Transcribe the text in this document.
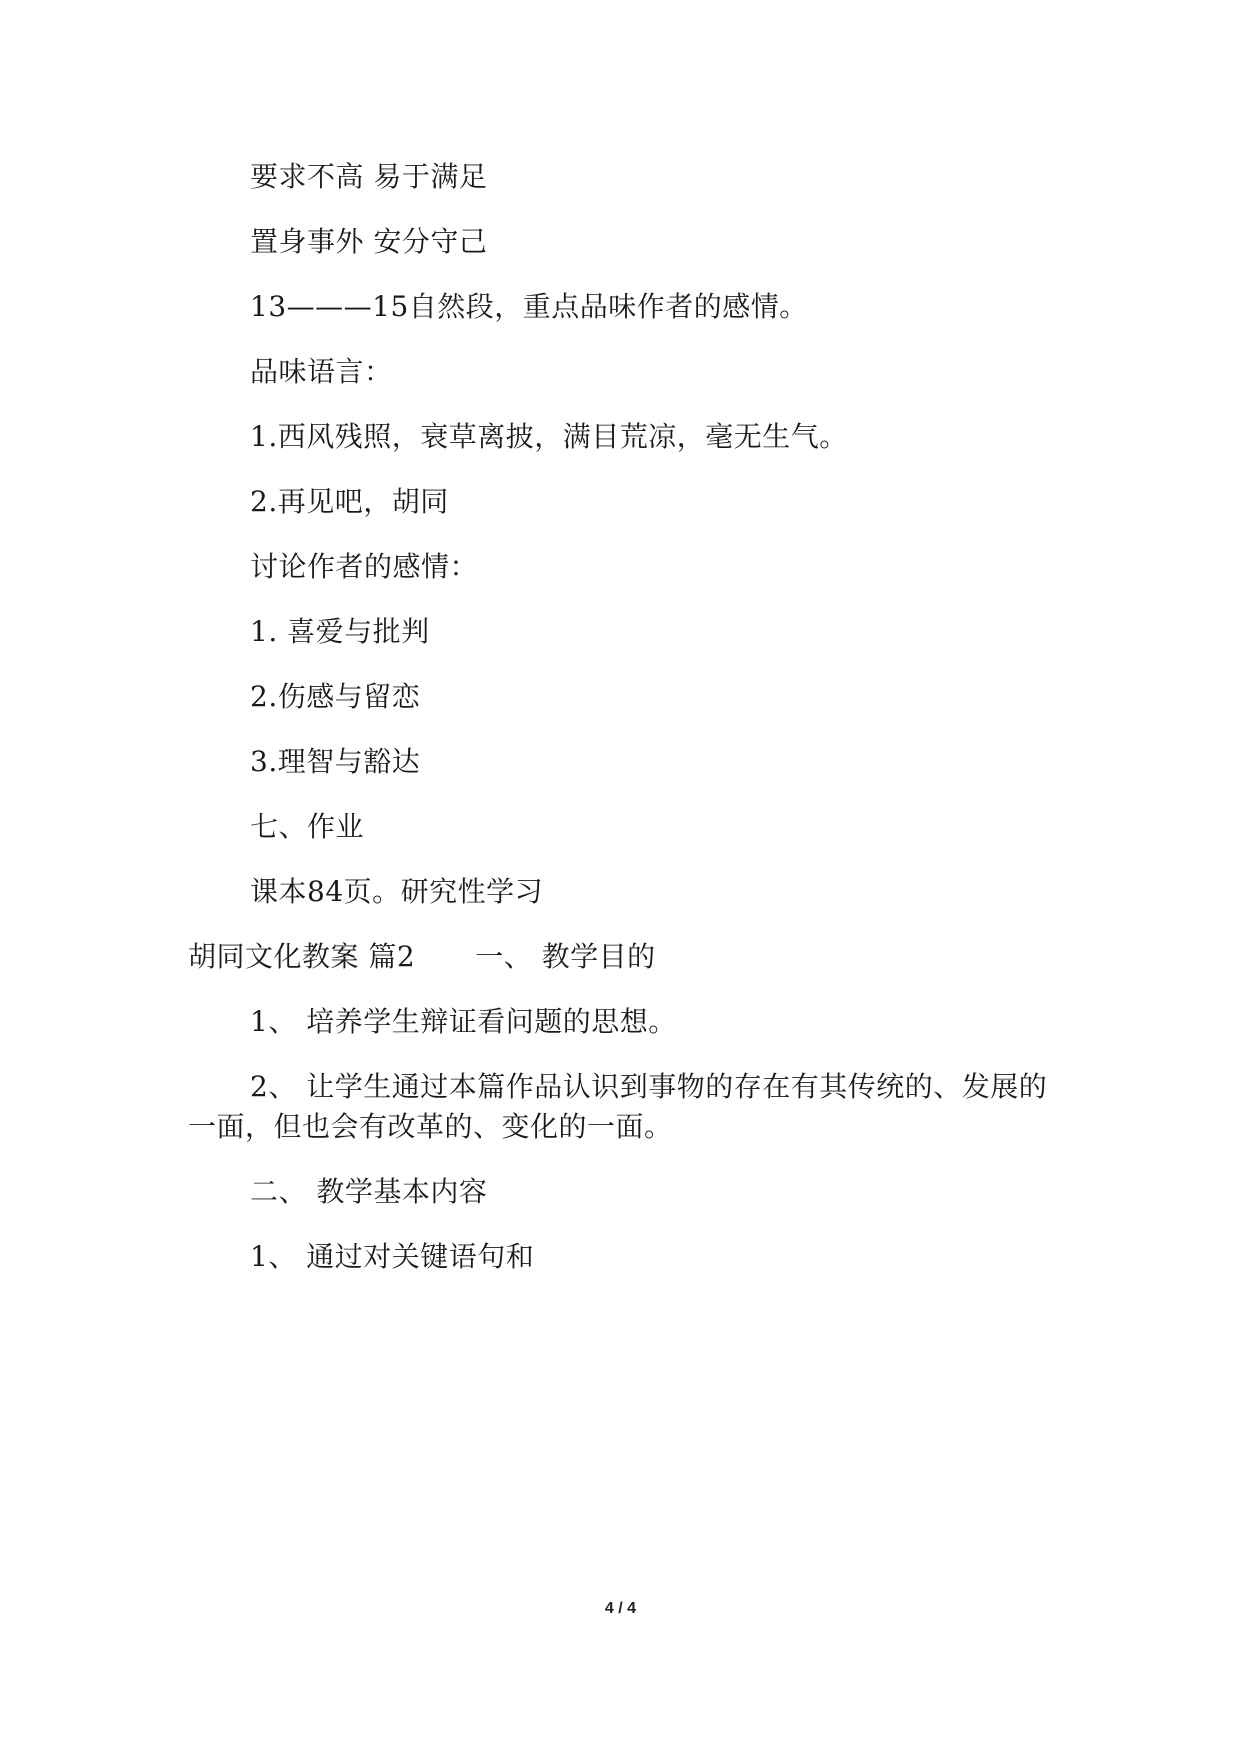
要求不高 易于满足

置身事外 安分守己

13———15自然段，重点品味作者的感情。

品味语言：

1.西风残照，衰草离披，满目荒凉，毫无生气。

2.再见吧，胡同

讨论作者的感情：

1. 喜爱与批判

2.伤感与留恋

3.理智与豁达

七、作业

课本84页。研究性学习

胡同文化教案 篇2 一、 教学目的

1、 培养学生辩证看问题的思想。

2、 让学生通过本篇作品认识到事物的存在有其传统的、发展的一面，但也会有改革的、变化的一面。

二、 教学基本内容

1、 通过对关键语句和

4 / 4
